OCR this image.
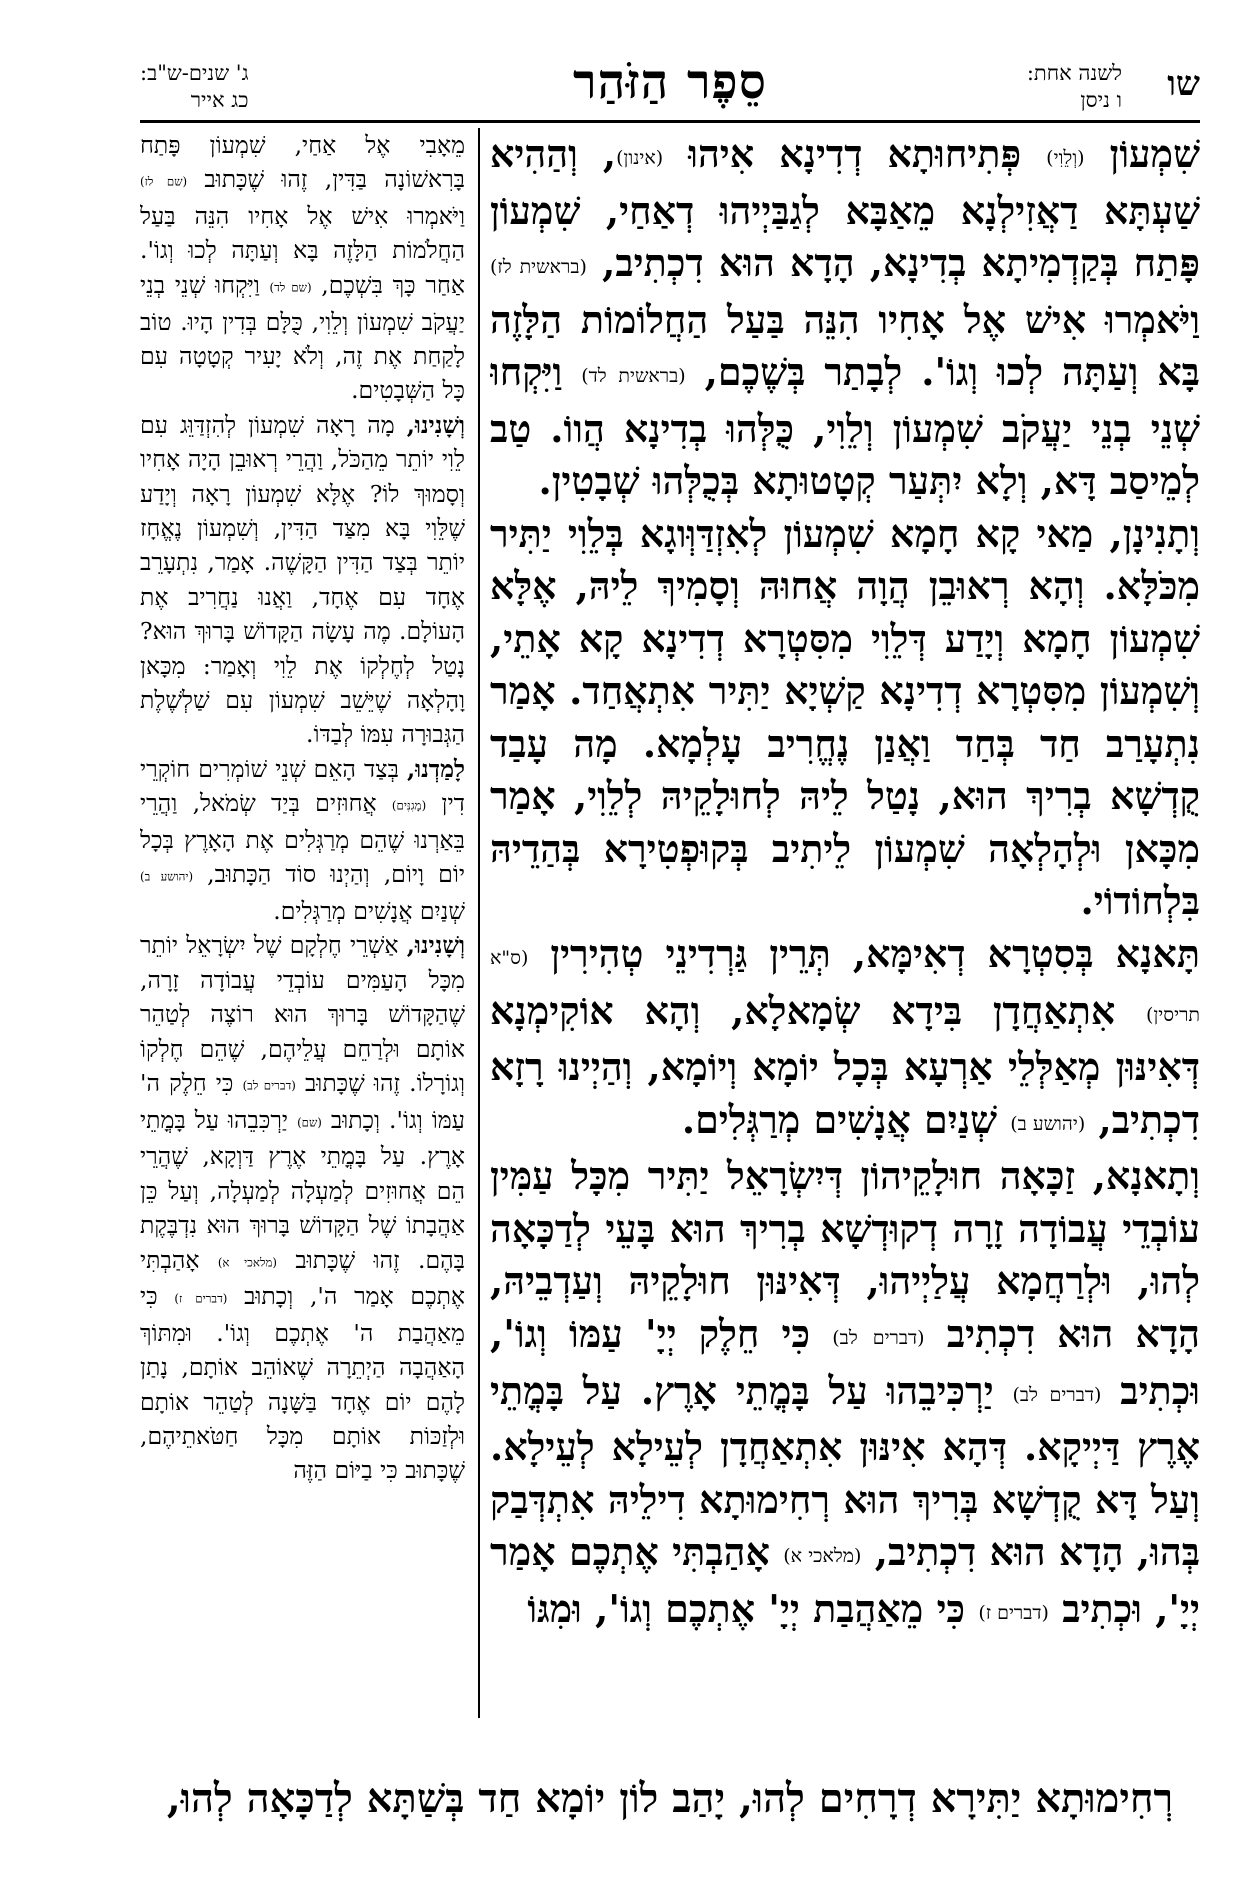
שו
לשנה אחת:
ו ניסן
סֵפֶר הַזֹּהַר
ג' שנים-ש"ב:
כג אייר

שִׁמְעוֹן (וְלֵוִי) פְּתִיחוּתָא דְדִינָא אִיהוּ (אינון), וְהַהִיא שַׁעְתָּא דַאֲזִילְנָא מֵאַבָּא לְגַבַּיְיהוּ דְאַחַי, שִׁמְעוֹן פָּתַח בְּקַדְמִיתָא בְדִינָא, הָדָא הוּא דִכְתִיב, (בראשית לז) וַיֹּאמְרוּ אִישׁ אֶל אָחִיו הִנֵּה בַּעַל הַחֲלוֹמוֹת הַלָּזֶה בָּא וְעַתָּה לְכוּ וְגוֹ'. לְבָתַר בְּשֶׁכֶם, (בראשית לד) וַיִּקְחוּ שְׁנֵי בְנֵי יַעֲקֹב שִׁמְעוֹן וְלֵוִי, כֻּלְּהוּ בְדִינָא הֲווֹ. טַב לְמֵיסַב דָּא, וְלָא יִתְּעַר קְטָטוּתָא בְּכֻלְּהוּ שְׁבָטִין.

וְתָנִינָן, מַאי קָא חָמָא שִׁמְעוֹן לְאִזְדַּוְּוגָא בְּלֵוִי יַתִּיר מִכֹּלָּא. וְהָא רְאוּבֵן הֲוָה אֲחוּהּ וְסָמִיךְ לֵיהּ, אֶלָּא שִׁמְעוֹן חָמָא וְיָדַע דְּלֵוִי מִסִּטְרָא דְדִינָא קָא אָתֵי, וְשִׁמְעוֹן מִסִּטְרָא דְדִינָא קַשְׁיָא יַתִּיר אִתְאֲחַד. אָמַר נִתְעָרַב חַד בְּחַד וַאֲנַן נֶחֱרִיב עָלְמָא. מָה עָבַד קֻדְשָׁא בְרִיךְ הוּא, נָטַל לֵיהּ לְחוּלָקֵיהּ לְלֵוִי, אָמַר מִכָּאן וּלְהָלְאָה שִׁמְעוֹן לֵיתִיב בְּקוּפְטִירָא בְּהַדֵיהּ בִּלְחוֹדוֹי.

תָּאנָא בְּסִטְרָא דְאִימָּא, תְּרֵין גַּרְדִינֵי טְהִירִין (ס"א תריסין) אִתְאַחֲדָן בִּידָא שְׂמָאלָא, וְהָא אוֹקִימְנָא דְּאִינּוּן מְאַלְּלֵי אַרְעָא בְּכָל יוֹמָא וְיוֹמָא, וְהַיְינוּ רָזָא דִכְתִיב, (יהושע ב) שְׁנַיִם אֲנָשִׁים מְרַגְּלִים.

וְתָאנָא, זַכָּאָה חוּלָקֵיהוֹן דְּיִשְׂרָאֵל יַתִּיר מִכָּל עַמִּין עוֹבְדֵי עֲבוֹדָה זָרָה דְקוּדְשָׁא בְרִיךְ הוּא בָּעֵי לְדַכָּאָה לְהוּ, וּלְרַחֲמָא עֲלַיְיהוּ, דְּאִינּוּן חוּלָקֵיהּ וְעַדְבֵיהּ, הָדָא הוּא דִכְתִיב (דברים לב) כִּי חֵלֶק יְיָ' עַמּוֹ וְגוֹ', וּכְתִיב (דברים לב) יַרְכִּיבֵהוּ עַל בָּמֳתֵי אָרֶץ. עַל בָּמֳתֵי אֶרֶץ דַּיְיקָא. דְּהָא אִינּוּן אִתְאַחֲדָן לְעֵילָא לְעֵילָא. וְעַל דָּא קֻדְשָׁא בְּרִיךְ הוּא רְחִימוּתָא דִילֵיהּ אִתְדְּבַק בְּהוּ, הָדָא הוּא דִכְתִיב, (מלאכי א) אָהַבְתִּי אֶתְכֶם אָמַר יְיָ', וּכְתִיב (דברים ז) כִּי מֵאַהֲבַת יְיָ' אֶתְכֶם וְגוֹ', וּמִגּוֹ

מֵאָבִי אֶל אַחַי, שִׁמְעוֹן פָּתַח בָּרִאשׁוֹנָה בַּדִּין, זֶהוּ שֶׁכָּתוּב (שם לז) וַיֹּאמְרוּ אִישׁ אֶל אָחִיו הִנֵּה בַּעַל הַחֲלֹמוֹת הַלָּזֶה בָּא וְעַתָּה לְכוּ וְגוֹ'. אַחַר כָּךְ בִּשְׁכֶם, (שם לד) וַיִּקְחוּ שְׁנֵי בְנֵי יַעֲקֹב שִׁמְעוֹן וְלֵוִי, כֻּלָּם בְּדִין הָיוּ. טוֹב לָקַחַת אֶת זֶה, וְלֹא יָעִיר קְטָטָה עִם כָּל הַשְּׁבָטִים.

וְשָׁנִינוּ, מָה רָאָה שִׁמְעוֹן לְהִזְדַּוֵּג עִם לֵוִי יוֹתֵר מֵהַכֹּל, וַהֲרֵי רְאוּבֵן הָיָה אָחִיו וְסָמוּךְ לוֹ? אֶלָּא שִׁמְעוֹן רָאָה וְיָדַע שֶׁלֵּוִי בָּא מִצַּד הַדִּין, וְשִׁמְעוֹן נֶאֱחָז יוֹתֵר בְּצַד הַדִּין הַקָּשֶׁה. אָמַר, נִתְעָרֵב אֶחָד עִם אֶחָד, וַאֲנוּ נַחֲרִיב אֶת הָעוֹלָם. מֶה עָשָׂה הַקָּדוֹשׁ בָּרוּךְ הוּא? נָטַל לְחֶלְקוֹ אֶת לֵוִי וְאָמַר: מִכָּאן וָהָלְאָה שֶׁיֵּשֵׁב שִׁמְעוֹן עִם שַׁלְשֶׁלֶת הַגְּבוּרָה עִמּוֹ לְבַדּוֹ.

לָמַדְנוּ, בְּצַד הָאֵם שְׁנֵי שׁוֹמְרִים חוֹקְרֵי דִין (מָגִנִּים) אֲחוּזִים בְּיַד שְׂמֹאל, וַהֲרֵי בֵּאַרְנוּ שֶׁהֵם מְרַגְּלִים אֶת הָאָרֶץ בְּכָל יוֹם וָיוֹם, וְהַיְנוּ סוֹד הַכָּתוּב, (יהושע ב) שְׁנַיִם אֲנָשִׁים מְרַגְּלִים.

וְשָׁנִינוּ, אַשְׁרֵי חֶלְקָם שֶׁל יִשְׂרָאֵל יוֹתֵר מִכָּל הָעַמִּים עוֹבְדֵי עֲבוֹדָה זָרָה, שֶׁהַקָּדוֹשׁ בָּרוּךְ הוּא רוֹצֶה לְטַהֵר אוֹתָם וּלְרַחֵם עֲלֵיהֶם, שֶׁהֵם חֶלְקוֹ וְגוֹרָלוֹ. זֶהוּ שֶׁכָּתוּב (דברים לב) כִּי חֵלֶק ה' עַמּוֹ וְגוֹ'. וְכָתוּב (שם) יַרְכִּבֵהוּ עַל בָּמֳתֵי אָרֶץ. עַל בָּמֳתֵי אֶרֶץ דַּוְקָא, שֶׁהֲרֵי הֵם אֲחוּזִים לְמַעְלָה לְמַעְלָה, וְעַל כֵּן אַהֲבָתוֹ שֶׁל הַקָּדוֹשׁ בָּרוּךְ הוּא נִדְבֶּקֶת בָּהֶם. זֶהוּ שֶׁכָּתוּב (מלאכי א) אָהַבְתִּי אֶתְכֶם אָמַר ה', וְכָתוּב (דברים ז) כִּי מֵאַהֲבַת ה' אֶתְכֶם וְגוֹ'. וּמִתּוֹךְ הָאַהֲבָה הַיְתֵרָה שֶׁאוֹהֵב אוֹתָם, נָתַן לָהֶם יוֹם אֶחָד בַּשָּׁנָה לְטַהֵר אוֹתָם וּלְזַכּוֹת אוֹתָם מִכָּל חַטֹּאתֵיהֶם, שֶׁכָּתוּב כִּי בַיּוֹם הַזֶּה

רְחִימוּתָא יַתִּירָא דְרָחִים לְהוּ, יָהַב לוֹן יוֹמָא חַד בְּשַׁתָּא לְדַכָּאָה לְהוּ,
